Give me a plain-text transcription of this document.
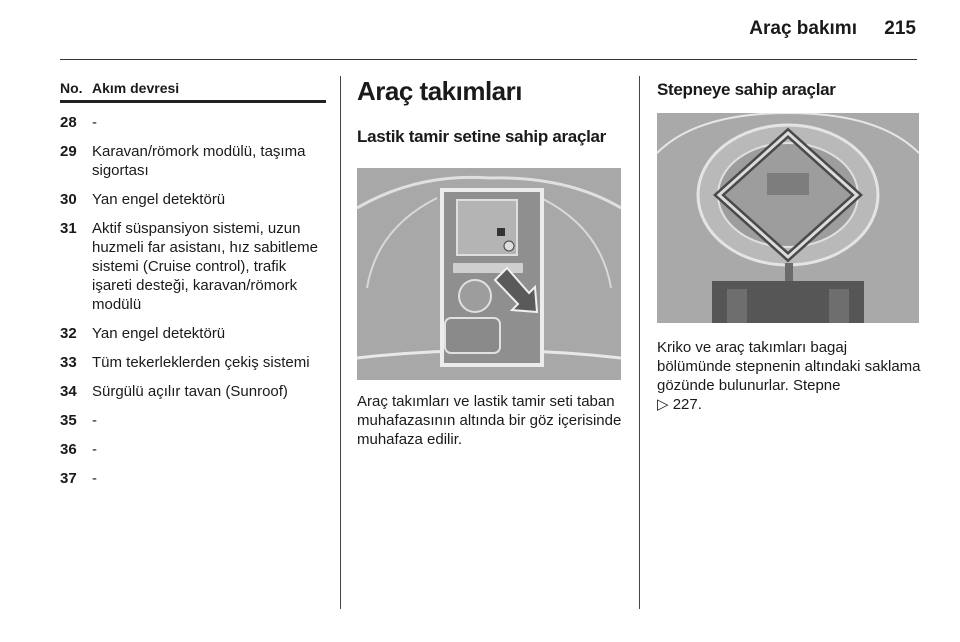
Araç bakımı 215
No. Akım devresi
28	-
29	Karavan/römork modülü, taşıma sigortası
30	Yan engel detektörü
31	Aktif süspansiyon sistemi, uzun huzmeli far asistanı, hız sabitleme sistemi (Cruise control), trafik işareti desteği, karavan/römork modülü
32	Yan engel detektörü
33	Tüm tekerleklerden çekiş sistemi
34	Sürgülü açılır tavan (Sunroof)
35	-
36	-
37	-
Araç takımları
Lastik tamir setine sahip araçlar
Araç takımları ve lastik tamir seti taban muhafazasının altında bir göz içerisinde muhafaza edilir.
Stepneye sahip araçlar
Kriko ve araç takımları bagaj bölümünde stepnenin altındaki saklama gözünde bulunurlar. Stepne
▷ 227.
